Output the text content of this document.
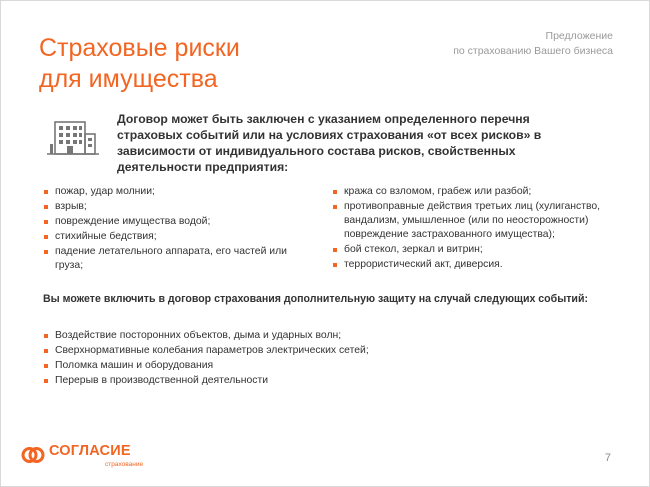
Страховые риски
для имущества
Предложение
по страхованию Вашего бизнеса
Договор может быть заключен с указанием определенного перечня страховых событий или на условиях страхования «от всех рисков» в зависимости от индивидуального состава рисков, свойственных деятельности предприятия:
пожар, удар молнии;
взрыв;
повреждение имущества водой;
стихийные бедствия;
падение летательного аппарата, его частей или груза;
кража со взломом, грабеж или разбой;
противоправные действия третьих лиц (хулиганство, вандализм, умышленное (или по неосторожности) повреждение застрахованного имущества);
бой стекол, зеркал и витрин;
террористический акт, диверсия.
Вы можете включить в договор страхования дополнительную защиту на случай следующих событий:
Воздействие посторонних объектов, дыма и ударных волн;
Сверхнормативные колебания параметров электрических сетей;
Поломка машин и оборудования
Перерыв в производственной деятельности
СОГЛАСИЕ
страхование
7
